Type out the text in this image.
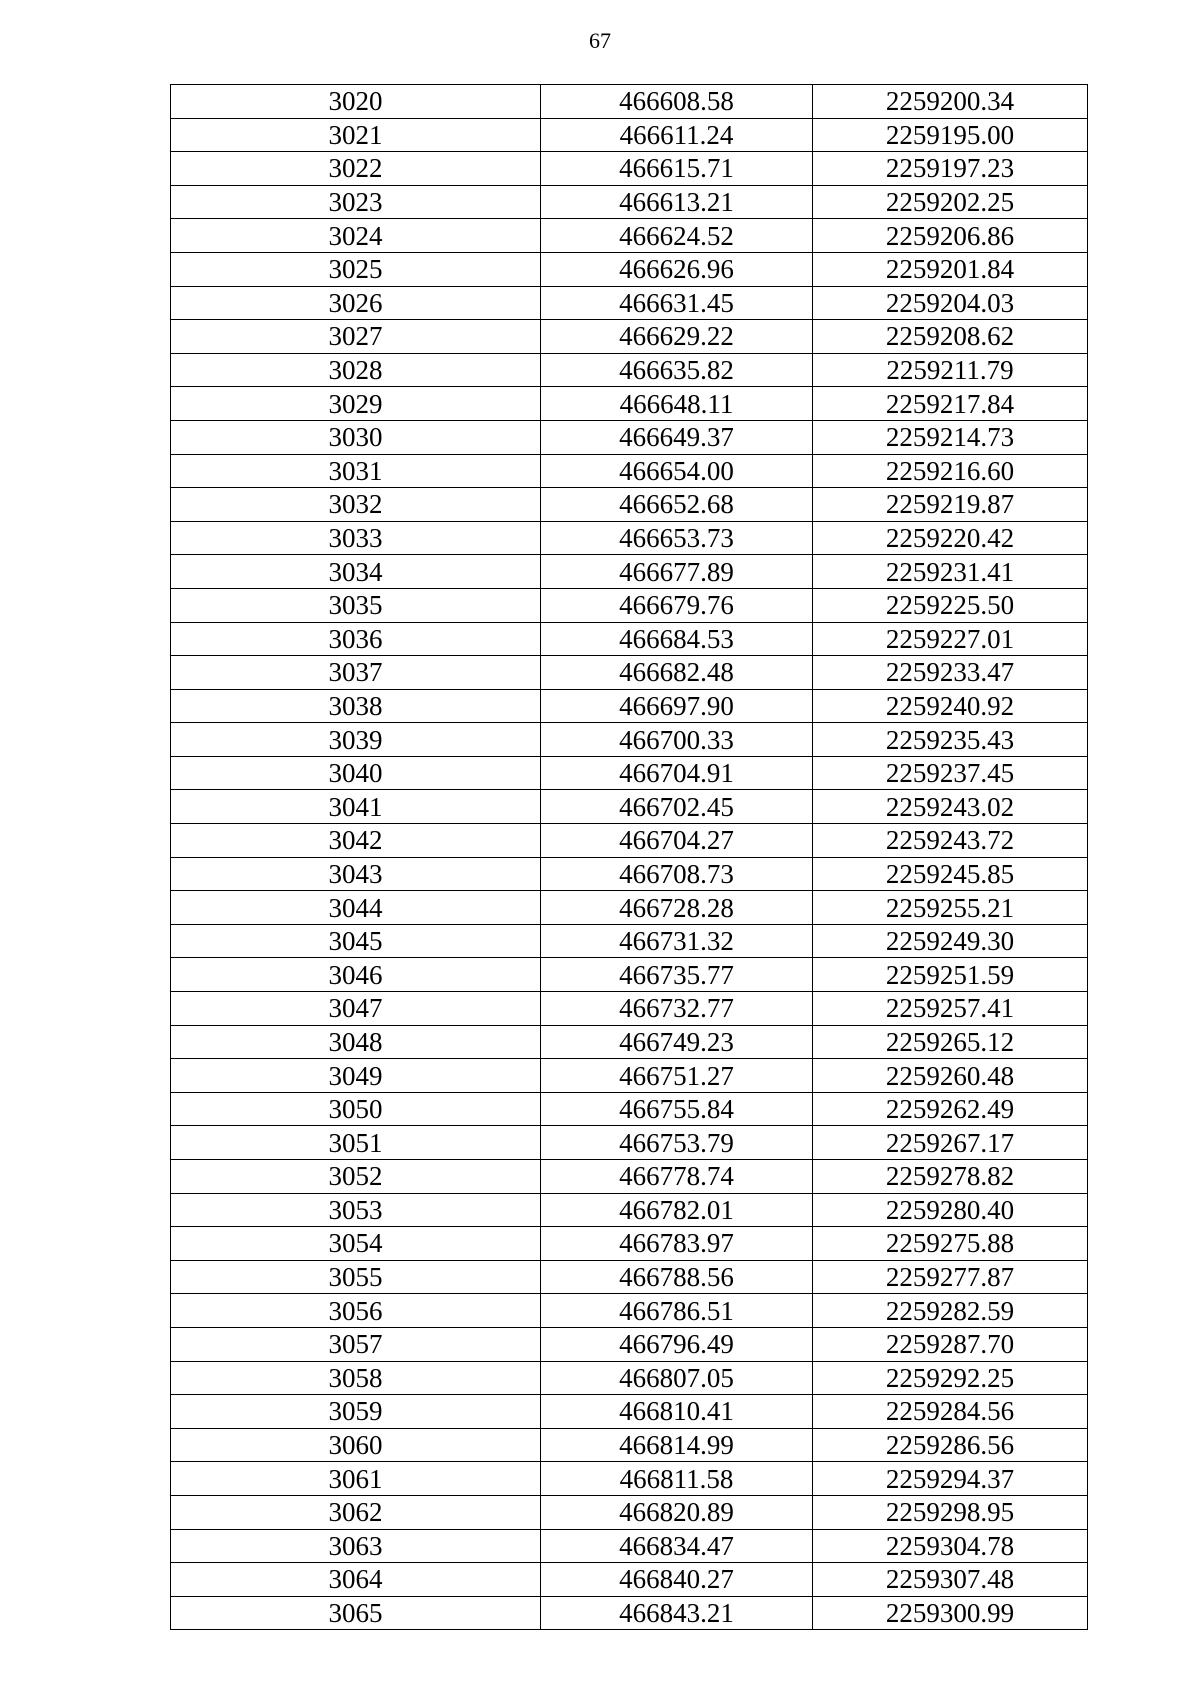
67
3020	466608.58	2259200.34
3021	466611.24	2259195.00
3022	466615.71	2259197.23
3023	466613.21	2259202.25
3024	466624.52	2259206.86
3025	466626.96	2259201.84
3026	466631.45	2259204.03
3027	466629.22	2259208.62
3028	466635.82	2259211.79
3029	466648.11	2259217.84
3030	466649.37	2259214.73
3031	466654.00	2259216.60
3032	466652.68	2259219.87
3033	466653.73	2259220.42
3034	466677.89	2259231.41
3035	466679.76	2259225.50
3036	466684.53	2259227.01
3037	466682.48	2259233.47
3038	466697.90	2259240.92
3039	466700.33	2259235.43
3040	466704.91	2259237.45
3041	466702.45	2259243.02
3042	466704.27	2259243.72
3043	466708.73	2259245.85
3044	466728.28	2259255.21
3045	466731.32	2259249.30
3046	466735.77	2259251.59
3047	466732.77	2259257.41
3048	466749.23	2259265.12
3049	466751.27	2259260.48
3050	466755.84	2259262.49
3051	466753.79	2259267.17
3052	466778.74	2259278.82
3053	466782.01	2259280.40
3054	466783.97	2259275.88
3055	466788.56	2259277.87
3056	466786.51	2259282.59
3057	466796.49	2259287.70
3058	466807.05	2259292.25
3059	466810.41	2259284.56
3060	466814.99	2259286.56
3061	466811.58	2259294.37
3062	466820.89	2259298.95
3063	466834.47	2259304.78
3064	466840.27	2259307.48
3065	466843.21	2259300.99
